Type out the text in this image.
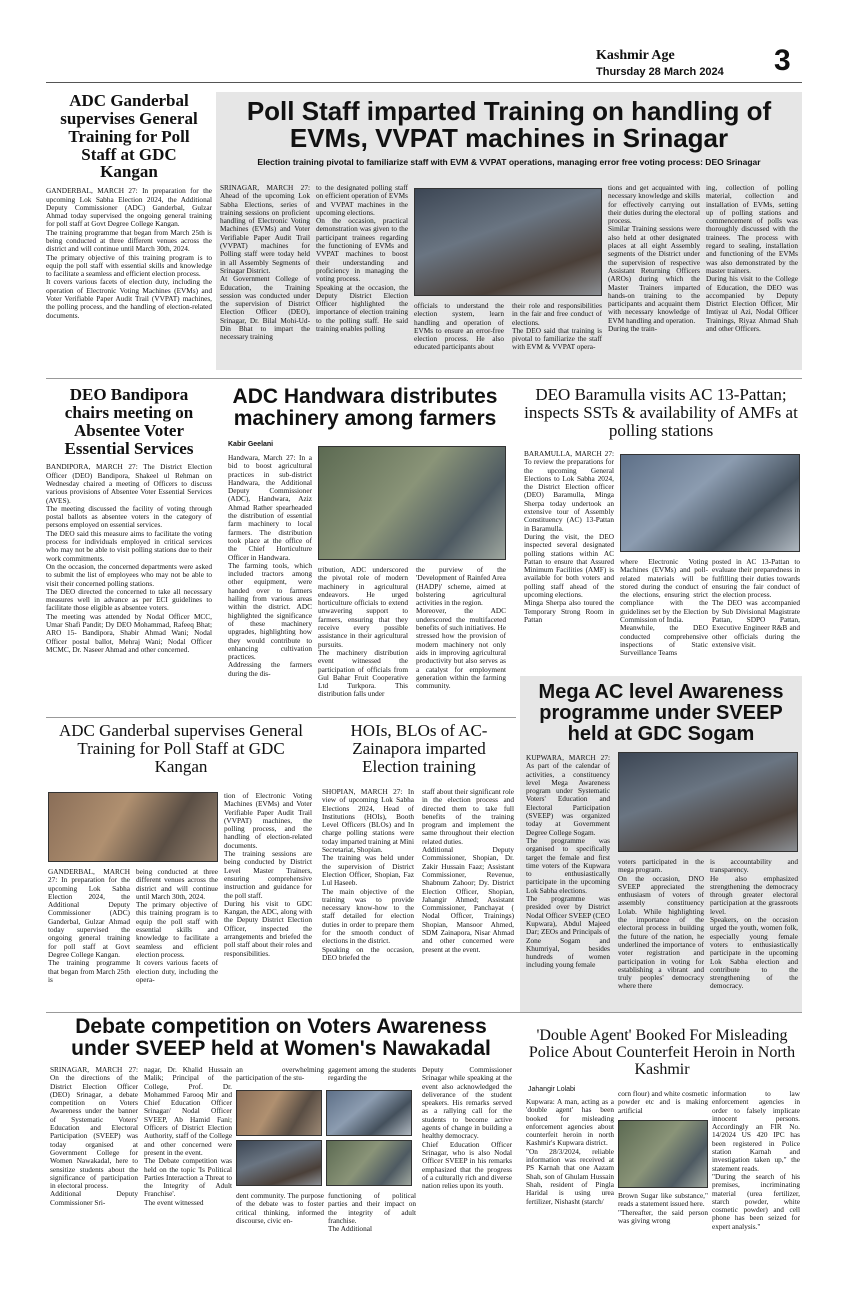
Kashmir Age
Thursday 28 March 2024 3
ADC Ganderbal supervises General Training for Poll Staff at GDC Kangan
GANDERBAL, MARCH 27: In preparation for the upcoming Lok Sabha Election 2024, the Additional Deputy Commissioner (ADC) Ganderbal, Gulzar Ahmad today supervised the ongoing general training for poll staff at Govt Degree College Kangan.
The training programme that began from March 25th is being conducted at three different venues across the district and will continue until March 30th, 2024.
The primary objective of this training program is to equip the poll staff with essential skills and knowledge to facilitate a seamless and efficient election process.
It covers various facets of election duty, including the operation of Electronic Voting Machines (EVMs) and Voter Verifiable Paper Audit Trail (VVPAT) machines, the polling process, and the handling of election-related documents.
Poll Staff imparted Training on handling of EVMs, VVPAT machines in Srinagar
Election training pivotal to familiarize staff with EVM & VVPAT operations, managing error free voting process: DEO Srinagar
SRINAGAR, MARCH 27: Ahead of the upcoming Lok Sabha Elections, series of training sessions on proficient handling of Electronic Voting Machines (EVMs) and Voter Verifiable Paper Audit Trail (VVPAT) machines for Polling staff were today held in all Assembly Segments of Srinagar District.
At Government College of Education, the Training session was conducted under the supervision of District Election Officer (DEO), Srinagar, Dr. Bilal Mohi-Ud-Din Bhat to impart the necessary training
to the designated polling staff on efficient operation of EVMs and VVPAT machines in the upcoming elections.
On the occasion, practical demonstration was given to the participant trainees regarding the functioning of EVMs and VVPAT machines to boost their understanding and proficiency in managing the voting process.
Speaking at the occasion, the Deputy District Election Officer highlighted the importance of election training to the polling staff. He said training enables polling
officials to understand the election system, learn handling and operation of EVMs to ensure an error-free election process. He also educated participants about
their role and responsibilities in the fair and free conduct of elections.
The DEO said that training is pivotal to familiarize the staff with EVM & VVPAT opera-
tions and get acquainted with necessary knowledge and skills for effectively carrying out their duties during the electoral process.
Similar Training sessions were also held at other designated places at all eight Assembly segments of the District under the supervision of respective Assistant Returning Officers (AROs) during which the Master Trainers imparted hands-on training to the participants and acquaint them with necessary knowledge of EVM handling and operation.
During the train-
ing, collection of polling material, collection and installation of EVMs, setting up of polling stations and commencement of polls was thoroughly discussed with the trainees. The process with regard to sealing, installation and functioning of the EVMs was also demonstrated by the master trainers.
During his visit to the College of Education, the DEO was accompanied by Deputy District Election Officer, Mir Imtiyaz ul Azi, Nodal Officer Trainings, Riyaz Ahmad Shah and other Officers.
DEO Bandipora chairs meeting on Absentee Voter Essential Services
BANDIPORA, MARCH 27: The District Election Officer (DEO) Bandipora, Shakeel ul Rehman on Wednesday chaired a meeting of Officers to discuss various provisions of Absentee Voter Essential Services (AVES).
The meeting discussed the facility of voting through postal ballots as absentee voters in the category of persons employed on essential services.
The DEO said this measure aims to facilitate the voting process for individuals employed in critical services who may not be able to visit polling stations due to their work commitments.
On the occasion, the concerned departments were asked to submit the list of employees who may not be able to visit their concerned polling stations.
The DEO directed the concerned to take all necessary measures well in advance as per ECI guidelines to facilitate those eligible as absentee voters.
The meeting was attended by Nodal Officer MCC, Umar Shafi Pandit; Dy DEO Mohammad, Rafeeq Bhat; ARO 15- Bandipora, Shabir Ahmad Wani; Nodal Officer postal ballot, Mehraj Wani; Nodal Officer MCMC, Dr. Naseer Ahmad and other concerned.
ADC Handwara distributes machinery among farmers
Kabir Geelani
Handwara, March 27: In a bid to boost agricultural practices in sub-district Handwara, the Additional Deputy Commissioner (ADC), Handwara, Aziz Ahmad Rather spearheaded the distribution of essential farm machinery to local farmers. The distribution took place at the office of the Chief Horticulture Officer in Handwara.
The farming tools, which included tractors among other equipment, were handed over to farmers hailing from various areas within the district. ADC highlighted the significance of these machinery upgrades, highlighting how they would contribute to enhancing cultivation practices.
Addressing the farmers during the dis-
tribution, ADC underscored the pivotal role of modern machinery in agricultural endeavors. He urged horticulture officials to extend unwavering support to farmers, ensuring that they receive every possible assistance in their agricultural pursuits.
The machinery distribution event witnessed the participation of officials from Gul Bahar Fruit Cooperative Ltd Turkpora. This distribution falls under
the purview of the 'Development of Rainfed Area (HADP)' scheme, aimed at bolstering agricultural activities in the region.
Moreover, the ADC underscored the multifaceted benefits of such initiatives. He stressed how the provision of modern machinery not only aids in improving agricultural productivity but also serves as a catalyst for employment generation within the farming community.
DEO Baramulla visits AC 13-Pattan; inspects SSTs & availability of AMFs at polling stations
BARAMULLA, MARCH 27: To review the preparations for the upcoming General Elections to Lok Sabha 2024, the District Election officer (DEO) Baramulla, Minga Sherpa today undertook an extensive tour of Assembly Constituency (AC) 13-Pattan in Baramulla.
During the visit, the DEO inspected several designated polling stations within AC Pattan to ensure that Assured Minimum Facilities (AMF) is available for both voters and polling staff ahead of the upcoming elections.
Minga Sherpa also toured the Temporary Strong Room in Pattan
where Electronic Voting Machines (EVMs) and poll-related materials will be stored during the conduct of the elections, ensuring strict compliance with the guidelines set by the Election Commission of India.
Meanwhile, the DEO conducted comprehensive inspections of Static Surveillance Teams
posted in AC 13-Pattan to evaluate their preparedness in fulfilling their duties towards ensuring the fair conduct of the election process.
The DEO was accompanied by Sub Divisional Magistrate Pattan, SDPO Pattan, Executive Engineer R&B and other officials during the extensive visit.
ADC Ganderbal supervises General Training for Poll Staff at GDC Kangan
GANDERBAL, MARCH 27: In preparation for the upcoming Lok Sabha Election 2024, the Additional Deputy Commissioner (ADC) Ganderbal, Gulzar Ahmad today supervised the ongoing general training for poll staff at Govt Degree College Kangan.
The training programme that began from March 25th is
being conducted at three different venues across the district and will continue until March 30th, 2024.
The primary objective of this training program is to equip the poll staff with essential skills and knowledge to facilitate a seamless and efficient election process.
It covers various facets of election duty, including the opera-
tion of Electronic Voting Machines (EVMs) and Voter Verifiable Paper Audit Trail (VVPAT) machines, the polling process, and the handling of election-related documents.
The training sessions are being conducted by District Level Master Trainers, ensuring comprehensive instruction and guidance for the poll staff.
During his visit to GDC Kangan, the ADC, along with the Deputy District Election Officer, inspected the arrangements and briefed the poll staff about their roles and responsibilities.
HOIs, BLOs of AC-Zainapora imparted Election training
SHOPIAN, MARCH 27: In view of upcoming Lok Sabha Elections 2024, Head of Institutions (HOIs), Booth Level Officers (BLOs) and In charge polling stations were today imparted training at Mini Secretariat, Shopian.
The training was held under the supervision of District Election Officer, Shopian, Faz Lul Haseeb.
The main objective of the training was to provide necessary know-how to the staff detailed for election duties in order to prepare them for the smooth conduct of elections in the district.
Speaking on the occasion, DEO briefed the
staff about their significant role in the election process and directed them to take full benefits of the training program and implement the same throughout their election related duties.
Additional Deputy Commissioner, Shopian, Dr. Zakir Hussain Faaz; Assistant Commissioner, Revenue, Shabnum Zahoor; Dy. District Election Officer, Shopian, Jahangir Ahmed; Assistant Commissioner, Panchayat ( Nodal Officer, Trainings) Shopian, Mansoor Ahmed, SDM Zainapora, Nisar Ahmad and other concerned were present at the event.
Mega AC level Awareness programme under SVEEP held at GDC Sogam
KUPWARA, MARCH 27: As part of the calendar of activities, a constituency level Mega Awareness program under Systematic Voters' Education and Electoral Participation (SVEEP) was organized today at Government Degree College Sogam.
The programme was organised to specifically target the female and first time voters of the Kupwara to enthusiastically participate in the upcoming Lok Sabha elections.
The programme was presided over by District Nodal Officer SVEEP (CEO Kupwara), Abdul Majeed Dar; ZEOs and Principals of Zone Sogam and Khumriyal, besides hundreds of women including young female
voters participated in the mega program.
On the occasion, DNO SVEEP appreciated the enthusiasm of voters of assembly constituency Lolab. While highlighting the importance of the electoral process in building the future of the nation, he underlined the importance of voter registration and participation in voting for establishing a vibrant and truly peoples' democracy where there
is accountability and transparency.
He also emphasized strengthening the democracy through greater electoral participation at the grassroots level.
Speakers, on the occasion urged the youth, women folk, especially young female voters to enthusiastically participate in the upcoming Lok Sabha election and contribute to the strengthening of the democracy.
Debate competition on Voters Awareness under SVEEP held at Women's Nawakadal
SRINAGAR, MARCH 27: On the directions of the District Election Officer (DEO) Srinagar, a debate competition on Voters Awareness under the banner of Systematic Voters' Education and Electoral Participation (SVEEP) was today organised at Government College for Women Nawakadal, here to sensitize students about the significance of participation in electoral process.
Additional Deputy Commissioner Sri-
nagar, Dr. Khalid Hussain Malik; Principal of the College, Prof. Dr. Mohammed Farooq Mir and Chief Education Officer Srinagar/ Nodal Officer SVEEP, Ab Hamid Fani; Officers of District Election Authority, staff of the College and other concerned were present in the event.
The Debate competition was held on the topic 'Is Political Parties Interaction a Threat to the Integrity of Adult Franchise'.
The event witnessed
an overwhelming participation of the stu-
gagement among the students regarding the
dent community. The purpose of the debate was to foster critical thinking, informed discourse, civic en-
functioning of political parties and their impact on the integrity of adult franchise.
The Additional
Deputy Commissioner Srinagar while speaking at the event also acknowledged the deliverance of the student speakers. His remarks served as a rallying call for the students to become active agents of change in building a healthy democracy.
Chief Education Officer Srinagar, who is also Nodal Officer SVEEP in his remarks emphasized that the progress of a culturally rich and diverse nation relies upon its youth.
'Double Agent' Booked For Misleading Police About Counterfeit Heroin in North Kashmir
Jahangir Lolabi
Kupwara: A man, acting as a 'double agent' has been booked for misleading enforcement agencies about counterfeit heroin in north Kashmir's Kupwara district.
"On 28/3/2024, reliable information was received at PS Karnah that one Aazam Shah, son of Ghulam Hussain Shah, resident of Pingla Haridal is using urea fertilizer, Nishasht (starch/
corn flour) and white cosmetic powder etc and is making artificial
Brown Sugar like substance," reads a statement issued here.
"Thereafter, the said person was giving wrong
information to law enforcement agencies in order to falsely implicate innocent persons. Accordingly an FIR No. 14/2024 US 420 IPC has been registered in Police station Karnah and investigation taken up," the statement reads.
"During the search of his premises, incriminating material (urea fertilizer, starch powder, white cosmetic powder) and cell phone has been seized for expert analysis."
